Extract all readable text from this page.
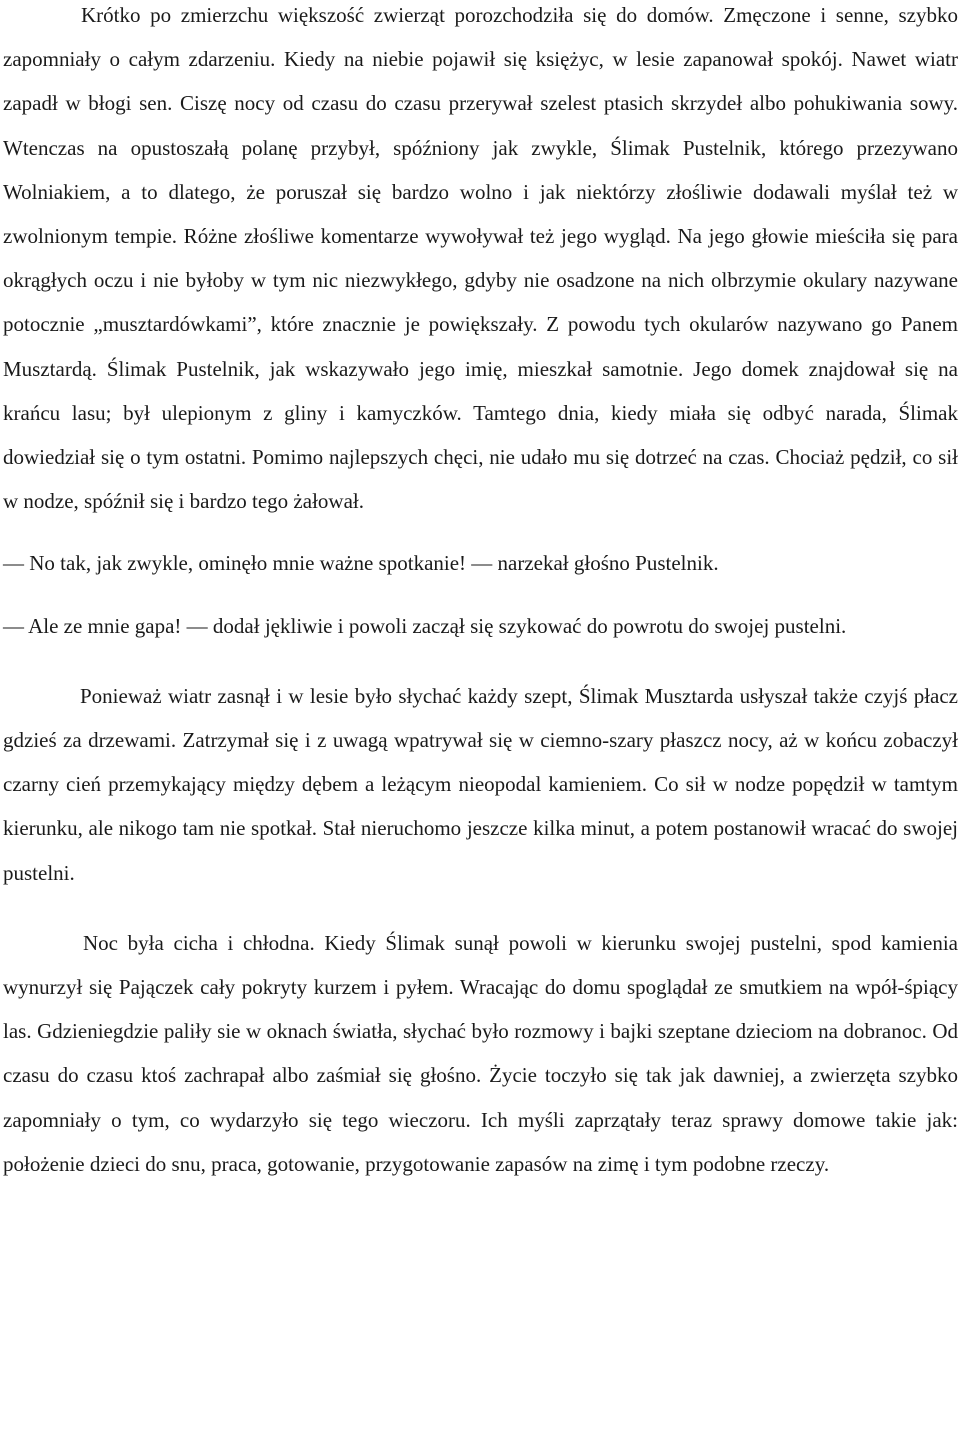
Krótko po zmierzchu większość zwierząt porozchodziła się do domów. Zmęczone i senne, szybko zapomniały o całym zdarzeniu. Kiedy na niebie pojawił się księżyc, w lesie zapanował spokój. Nawet wiatr zapadł w błogi sen. Ciszę nocy od czasu do czasu przerywał szelest ptasich skrzydeł albo pohukiwania sowy. Wtenczas na opustoszałą polanę przybył, spóźniony jak zwykle, Ślimak Pustelnik, którego przezywano Wolniakiem, a to dlatego, że poruszał się bardzo wolno i jak niektórzy złośliwie dodawali myślał też w zwolnionym tempie. Różne złośliwe komentarze wywoływał też jego wygląd. Na jego głowie mieściła się para okrągłych oczu i nie byłoby w tym nic niezwykłego, gdyby nie osadzone na nich olbrzymie okulary nazywane potocznie „musztardówkami”, które znacznie je powiększały. Z powodu tych okularów nazywano go Panem Musztardą. Ślimak Pustelnik, jak wskazywało jego imię, mieszkał samotnie. Jego domek znajdował się na krańcu lasu; był ulepionym z gliny i kamyczków. Tamtego dnia, kiedy miała się odbyć narada, Ślimak dowiedział się o tym ostatni. Pomimo najlepszych chęci, nie udało mu się dotrzeć na czas. Chociaż pędził, co sił w nodze, spóźnił się i bardzo tego żałował.

— No tak, jak zwykle, ominęło mnie ważne spotkanie! — narzekał głośno Pustelnik.

— Ale ze mnie gapa! — dodał jękliwie i powoli zaczął się szykować do powrotu do swojej pustelni.

Ponieważ wiatr zasnął i w lesie było słychać każdy szept, Ślimak Musztarda usłyszał także czyjś płacz gdzieś za drzewami. Zatrzymał się i z uwagą wpatrywał się w ciemno-szary płaszcz nocy, aż w końcu zobaczył czarny cień przemykający między dębem a leżącym nieopodal kamieniem. Co sił w nodze popędził w tamtym kierunku, ale nikogo tam nie spotkał. Stał nieruchomo jeszcze kilka minut, a potem postanowił wracać do swojej pustelni.

Noc była cicha i chłodna. Kiedy Ślimak sunął powoli w kierunku swojej pustelni, spod kamienia wynurzył się Pajączek cały pokryty kurzem i pyłem. Wracając do domu spoglądał ze smutkiem na wpół-śpiący las. Gdzieniegdzie paliły sie w oknach światła, słychać było rozmowy i bajki szeptane dzieciom na dobranoc. Od czasu do czasu ktoś zachrapał albo zaśmiał się głośno. Życie toczyło się tak jak dawniej, a zwierzęta szybko zapomniały o tym, co wydarzyło się tego wieczoru. Ich myśli zaprzątały teraz sprawy domowe takie jak: położenie dzieci do snu, praca, gotowanie, przygotowanie zapasów na zimę i tym podobne rzeczy.
